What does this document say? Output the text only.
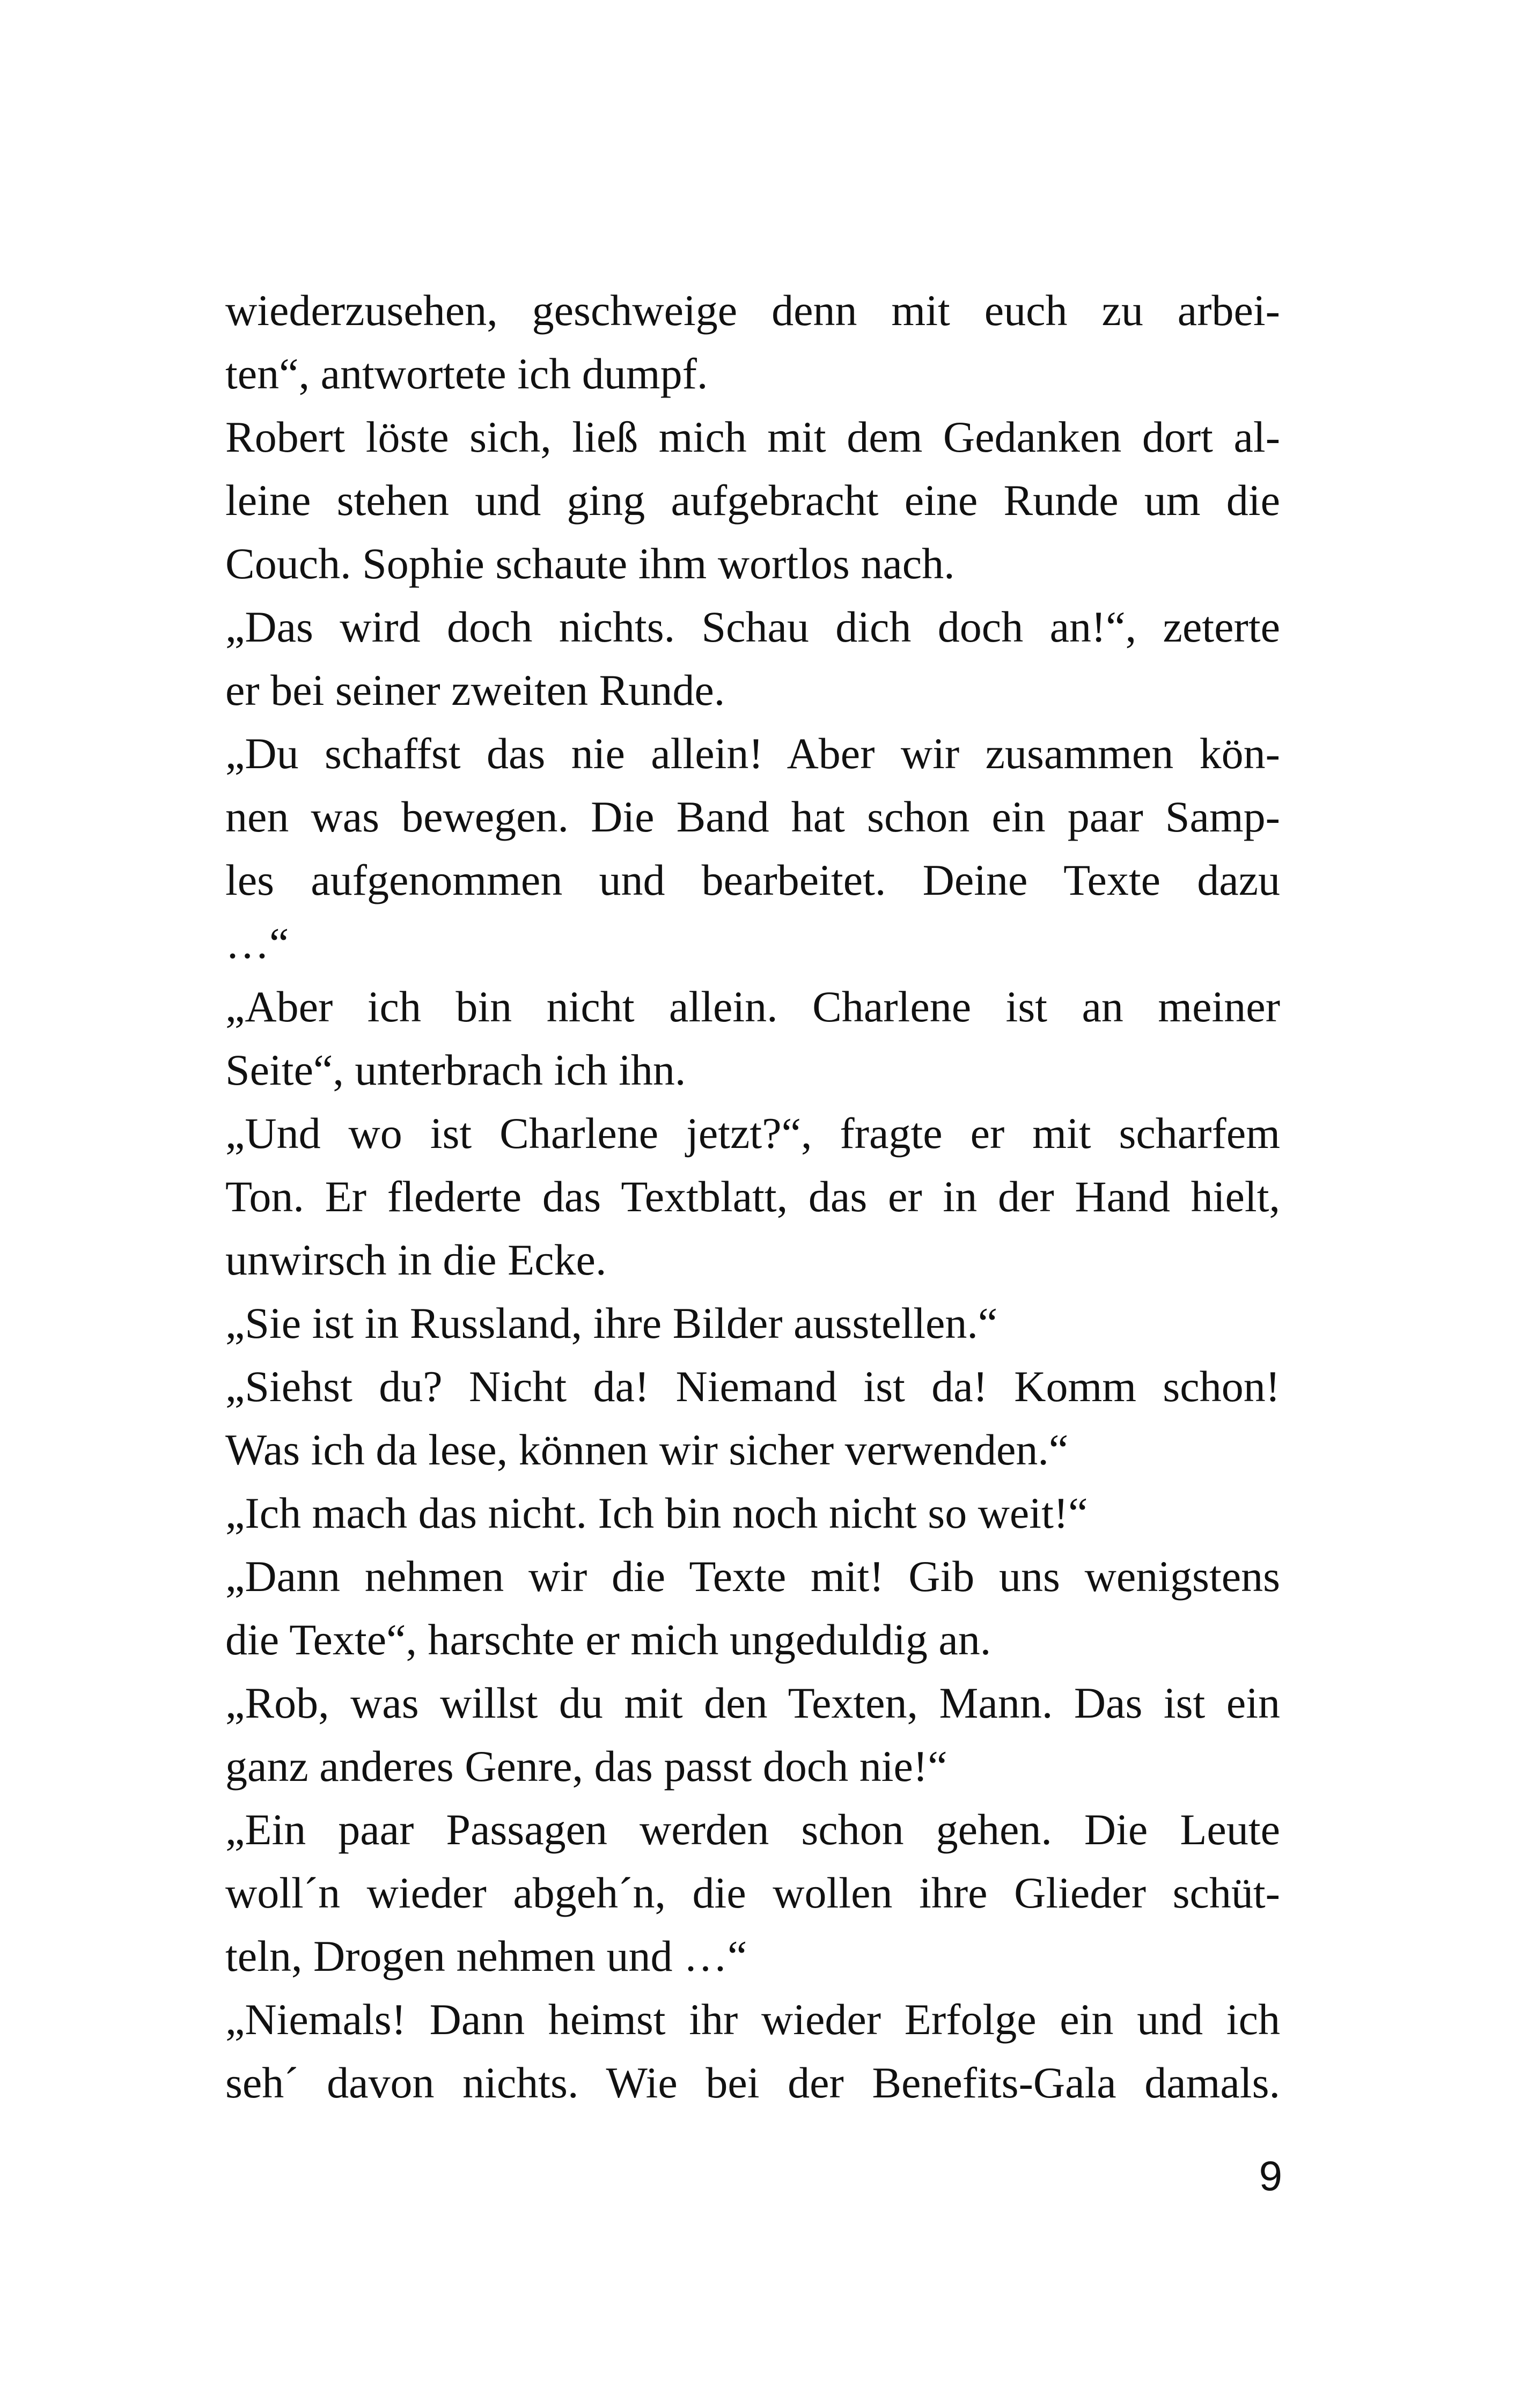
wiederzusehen, geschweige denn mit euch zu arbei-
ten“, antwortete ich dumpf.
Robert löste sich, ließ mich mit dem Gedanken dort al-
leine stehen und ging aufgebracht eine Runde um die
Couch. Sophie schaute ihm wortlos nach.
„Das wird doch nichts. Schau dich doch an!“, zeterte
er bei seiner zweiten Runde.
„Du schaffst das nie allein! Aber wir zusammen kön-
nen was bewegen. Die Band hat schon ein paar Samp-
les aufgenommen und bearbeitet. Deine Texte dazu
…“
„Aber ich bin nicht allein. Charlene ist an meiner
Seite“, unterbrach ich ihn.
„Und wo ist Charlene jetzt?“, fragte er mit scharfem
Ton. Er flederte das Textblatt, das er in der Hand hielt,
unwirsch in die Ecke.
„Sie ist in Russland, ihre Bilder ausstellen.“
„Siehst du? Nicht da! Niemand ist da! Komm schon!
Was ich da lese, können wir sicher verwenden.“
„Ich mach das nicht. Ich bin noch nicht so weit!“
„Dann nehmen wir die Texte mit! Gib uns wenigstens
die Texte“, harschte er mich ungeduldig an.
„Rob, was willst du mit den Texten, Mann. Das ist ein
ganz anderes Genre, das passt doch nie!“
„Ein paar Passagen werden schon gehen. Die Leute
woll´n wieder abgeh´n, die wollen ihre Glieder schüt-
teln, Drogen nehmen und …“
„Niemals! Dann heimst ihr wieder Erfolge ein und ich
seh´ davon nichts. Wie bei der Benefits-Gala damals.
9
